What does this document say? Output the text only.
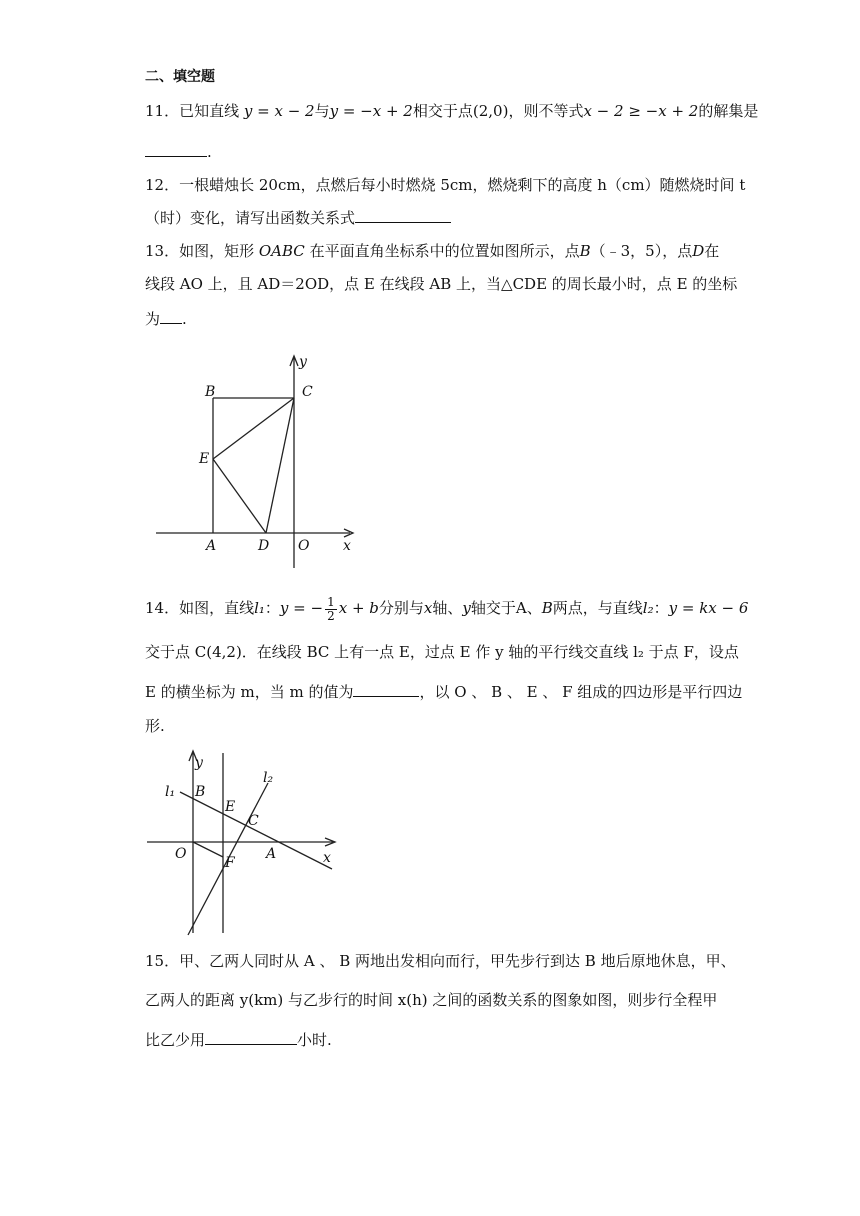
二、填空题
11．已知直线 y = x − 2与y = −x + 2相交于点(2,0)，则不等式x − 2 ≥ −x + 2的解集是
.
12．一根蜡烛长 20cm，点燃后每小时燃烧 5cm，燃烧剩下的高度 h（cm）随燃烧时间 t
（时）变化，请写出函数关系式
13．如图，矩形 OABC 在平面直角坐标系中的位置如图所示，点B（﹣3，5），点D在
线段 AO 上，且 AD＝2OD，点 E 在线段 AB 上，当△CDE 的周长最小时，点 E 的坐标
为 .
B	C
E
A	D O x
y
14．如图，直线l₁：y = − $\frac{1}{2}$ x + b分别与x轴、y轴交于A、B两点，与直线l₂：y = kx − 6
交于点 C(4,2)．在线段 BC 上有一点 E，过点 E 作 y 轴的平行线交直线 l₂ 于点 F，设点
E 的横坐标为 m，当 m 的值为	，以 O 、 B 、 E 、 F 组成的四边形是平行四边
形.
y
l₁
l₂
B
E
C
O
F
A	x
15．甲、乙两人同时从 A 、 B 两地出发相向而行，甲先步行到达 B 地后原地休息，甲、
乙两人的距离 y(km) 与乙步行的时间 x(h) 之间的函数关系的图象如图，则步行全程甲
比乙少用	小时.
